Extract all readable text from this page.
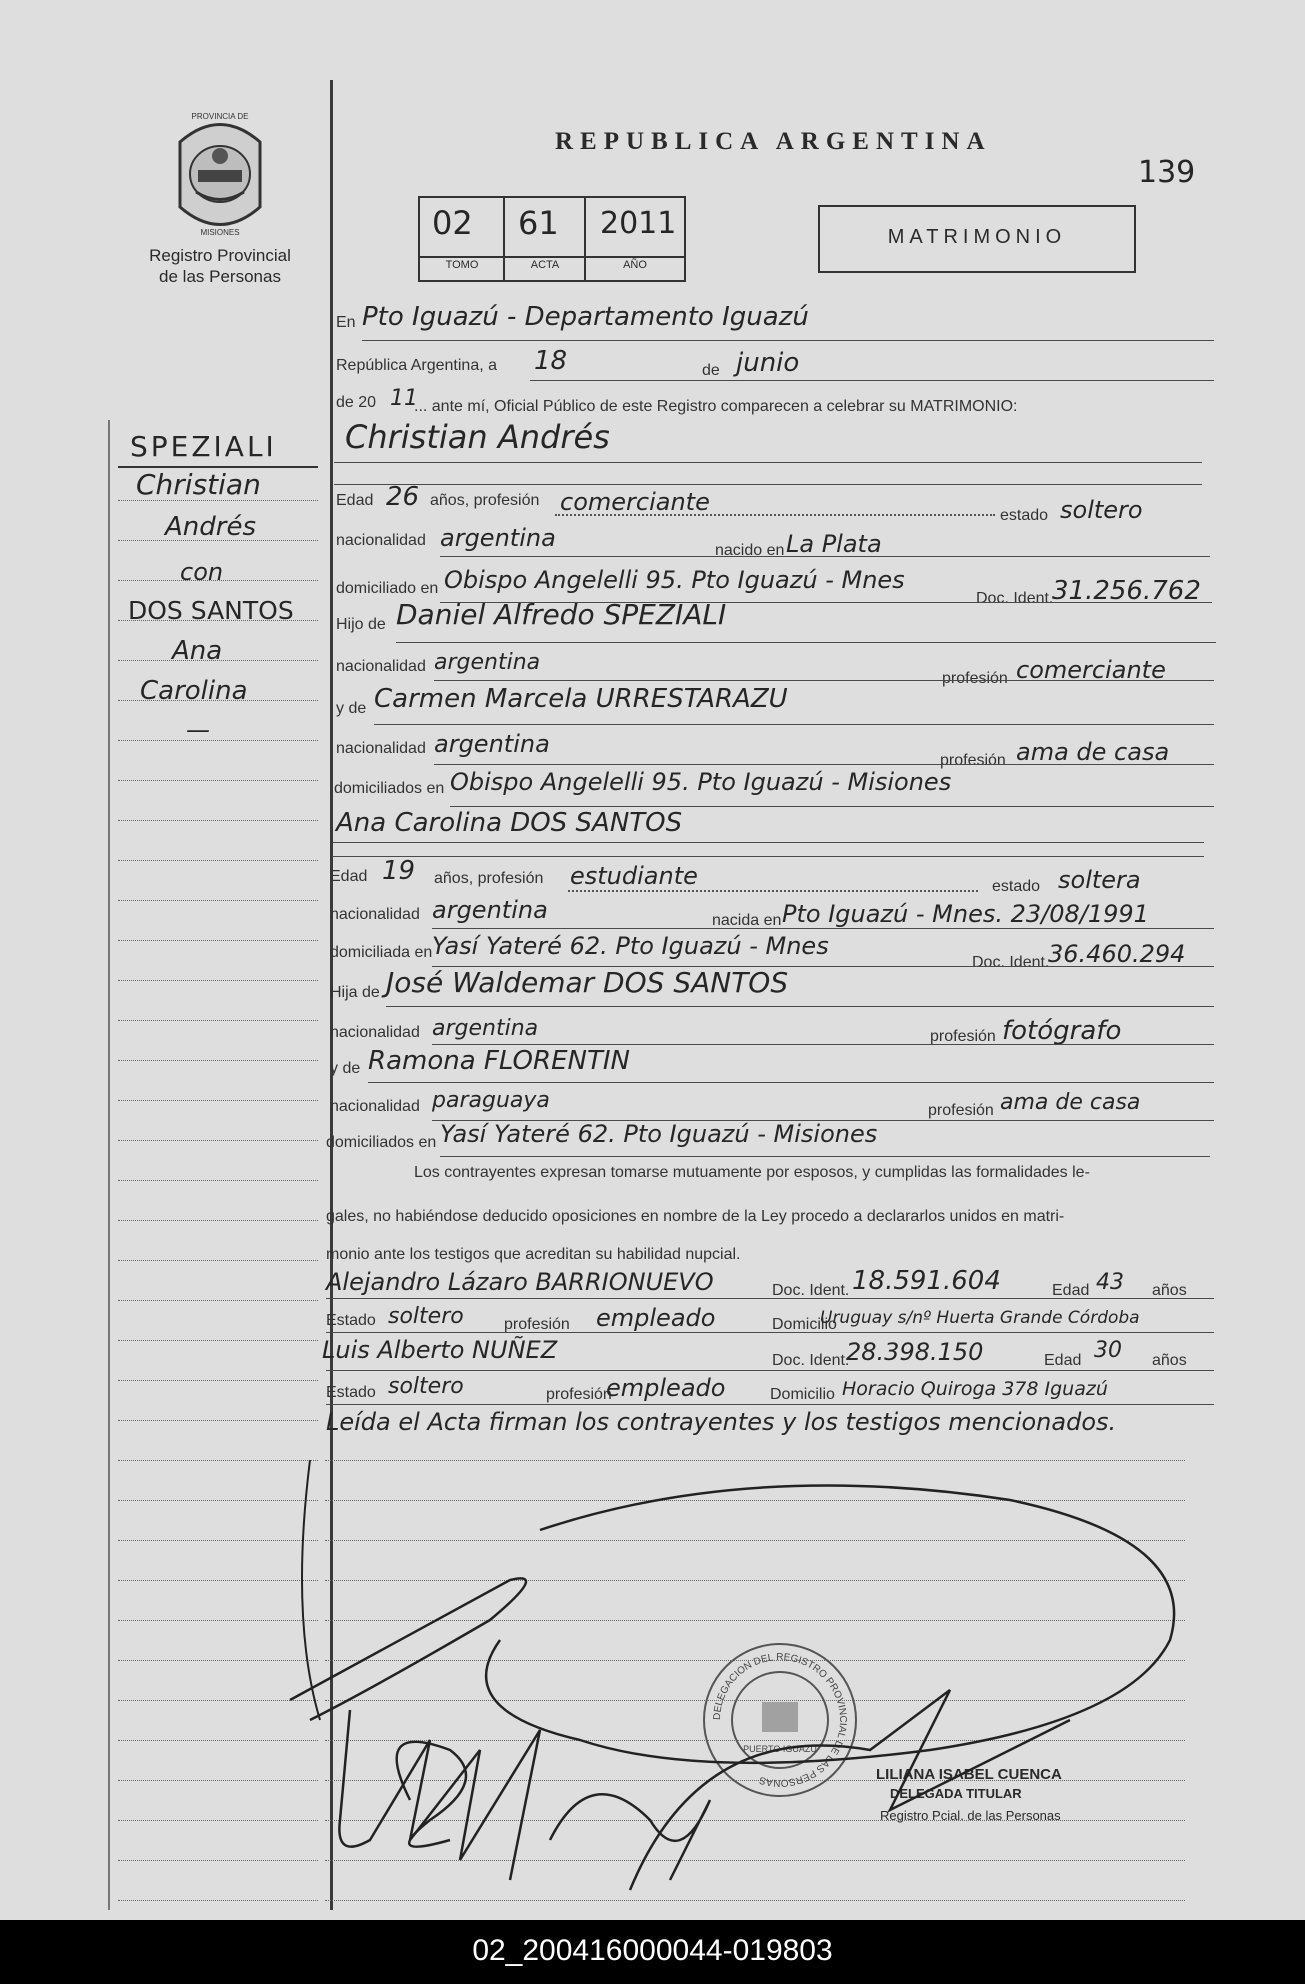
PROVINCIA DE
MISIONES
Registro Provincial
de las Personas
REPUBLICA ARGENTINA
139
02 61 2011
TOMO	ACTA	AÑO
MATRIMONIO
SPEZIALI
Christian
Andrés
con
DOS SANTOS
Ana
Carolina
—
En Pto Iguazú - Departamento Iguazú
República Argentina, a 18	de junio
de 20 11
... ante mí, Oficial Público de este Registro comparecen a celebrar su MATRIMONIO:
Christian Andrés
Edad 26 años, profesión comerciante	estado soltero
nacionalidad argentina	nacido en La Plata
domiciliado en Obispo Angelelli 95. Pto Iguazú - Mnes
Doc. Ident.
31.256.762
Hijo de Daniel Alfredo SPEZIALI
nacionalidad argentina
profesión comerciante
y de Carmen Marcela URRESTARAZU
nacionalidad argentina
profesión ama de casa
domiciliados en Obispo Angelelli 95. Pto Iguazú - Misiones
Ana Carolina DOS SANTOS
Edad 19 años, profesión estudiante	estado soltera
nacionalidad argentina	nacida en Pto Iguazú - Mnes. 23/08/1991
domiciliada en Yasí Yateré 62. Pto Iguazú - Mnes
Doc. Ident.
36.460.294
Hija de José Waldemar DOS SANTOS
nacionalidad argentina	profesión fotógrafo
y de Ramona FLORENTIN
nacionalidad paraguaya	profesión ama de casa
domiciliados en Yasí Yateré 62. Pto Iguazú - Misiones
Los contrayentes expresan tomarse mutuamente por esposos, y cumplidas las formalidades le-
gales, no habiéndose deducido oposiciones en nombre de la Ley procedo a declararlos unidos en matri-
monio ante los testigos que acreditan su habilidad nupcial.
Alejandro Lázaro BARRIONUEVO	Doc. Ident. 18.591.604	Edad 43 años
Estado soltero	profesión empleado	Domicilio
Uruguay s/nº Huerta Grande Córdoba
Luis Alberto NUÑEZ	Doc. Ident.
28.398.150	Edad 30 años
Estado soltero	profesión
empleado	Domicilio Horacio Quiroga 378 Iguazú
Leída el Acta firman los contrayentes y los testigos mencionados.
DELEGACION DEL REGISTRO PROVINCIAL DE LAS PERSONAS
PUERTO IGUAZU
LILIANA ISABEL CUENCA
DELEGADA TITULAR
Registro Pcial. de las Personas
02_200416000044-019803
